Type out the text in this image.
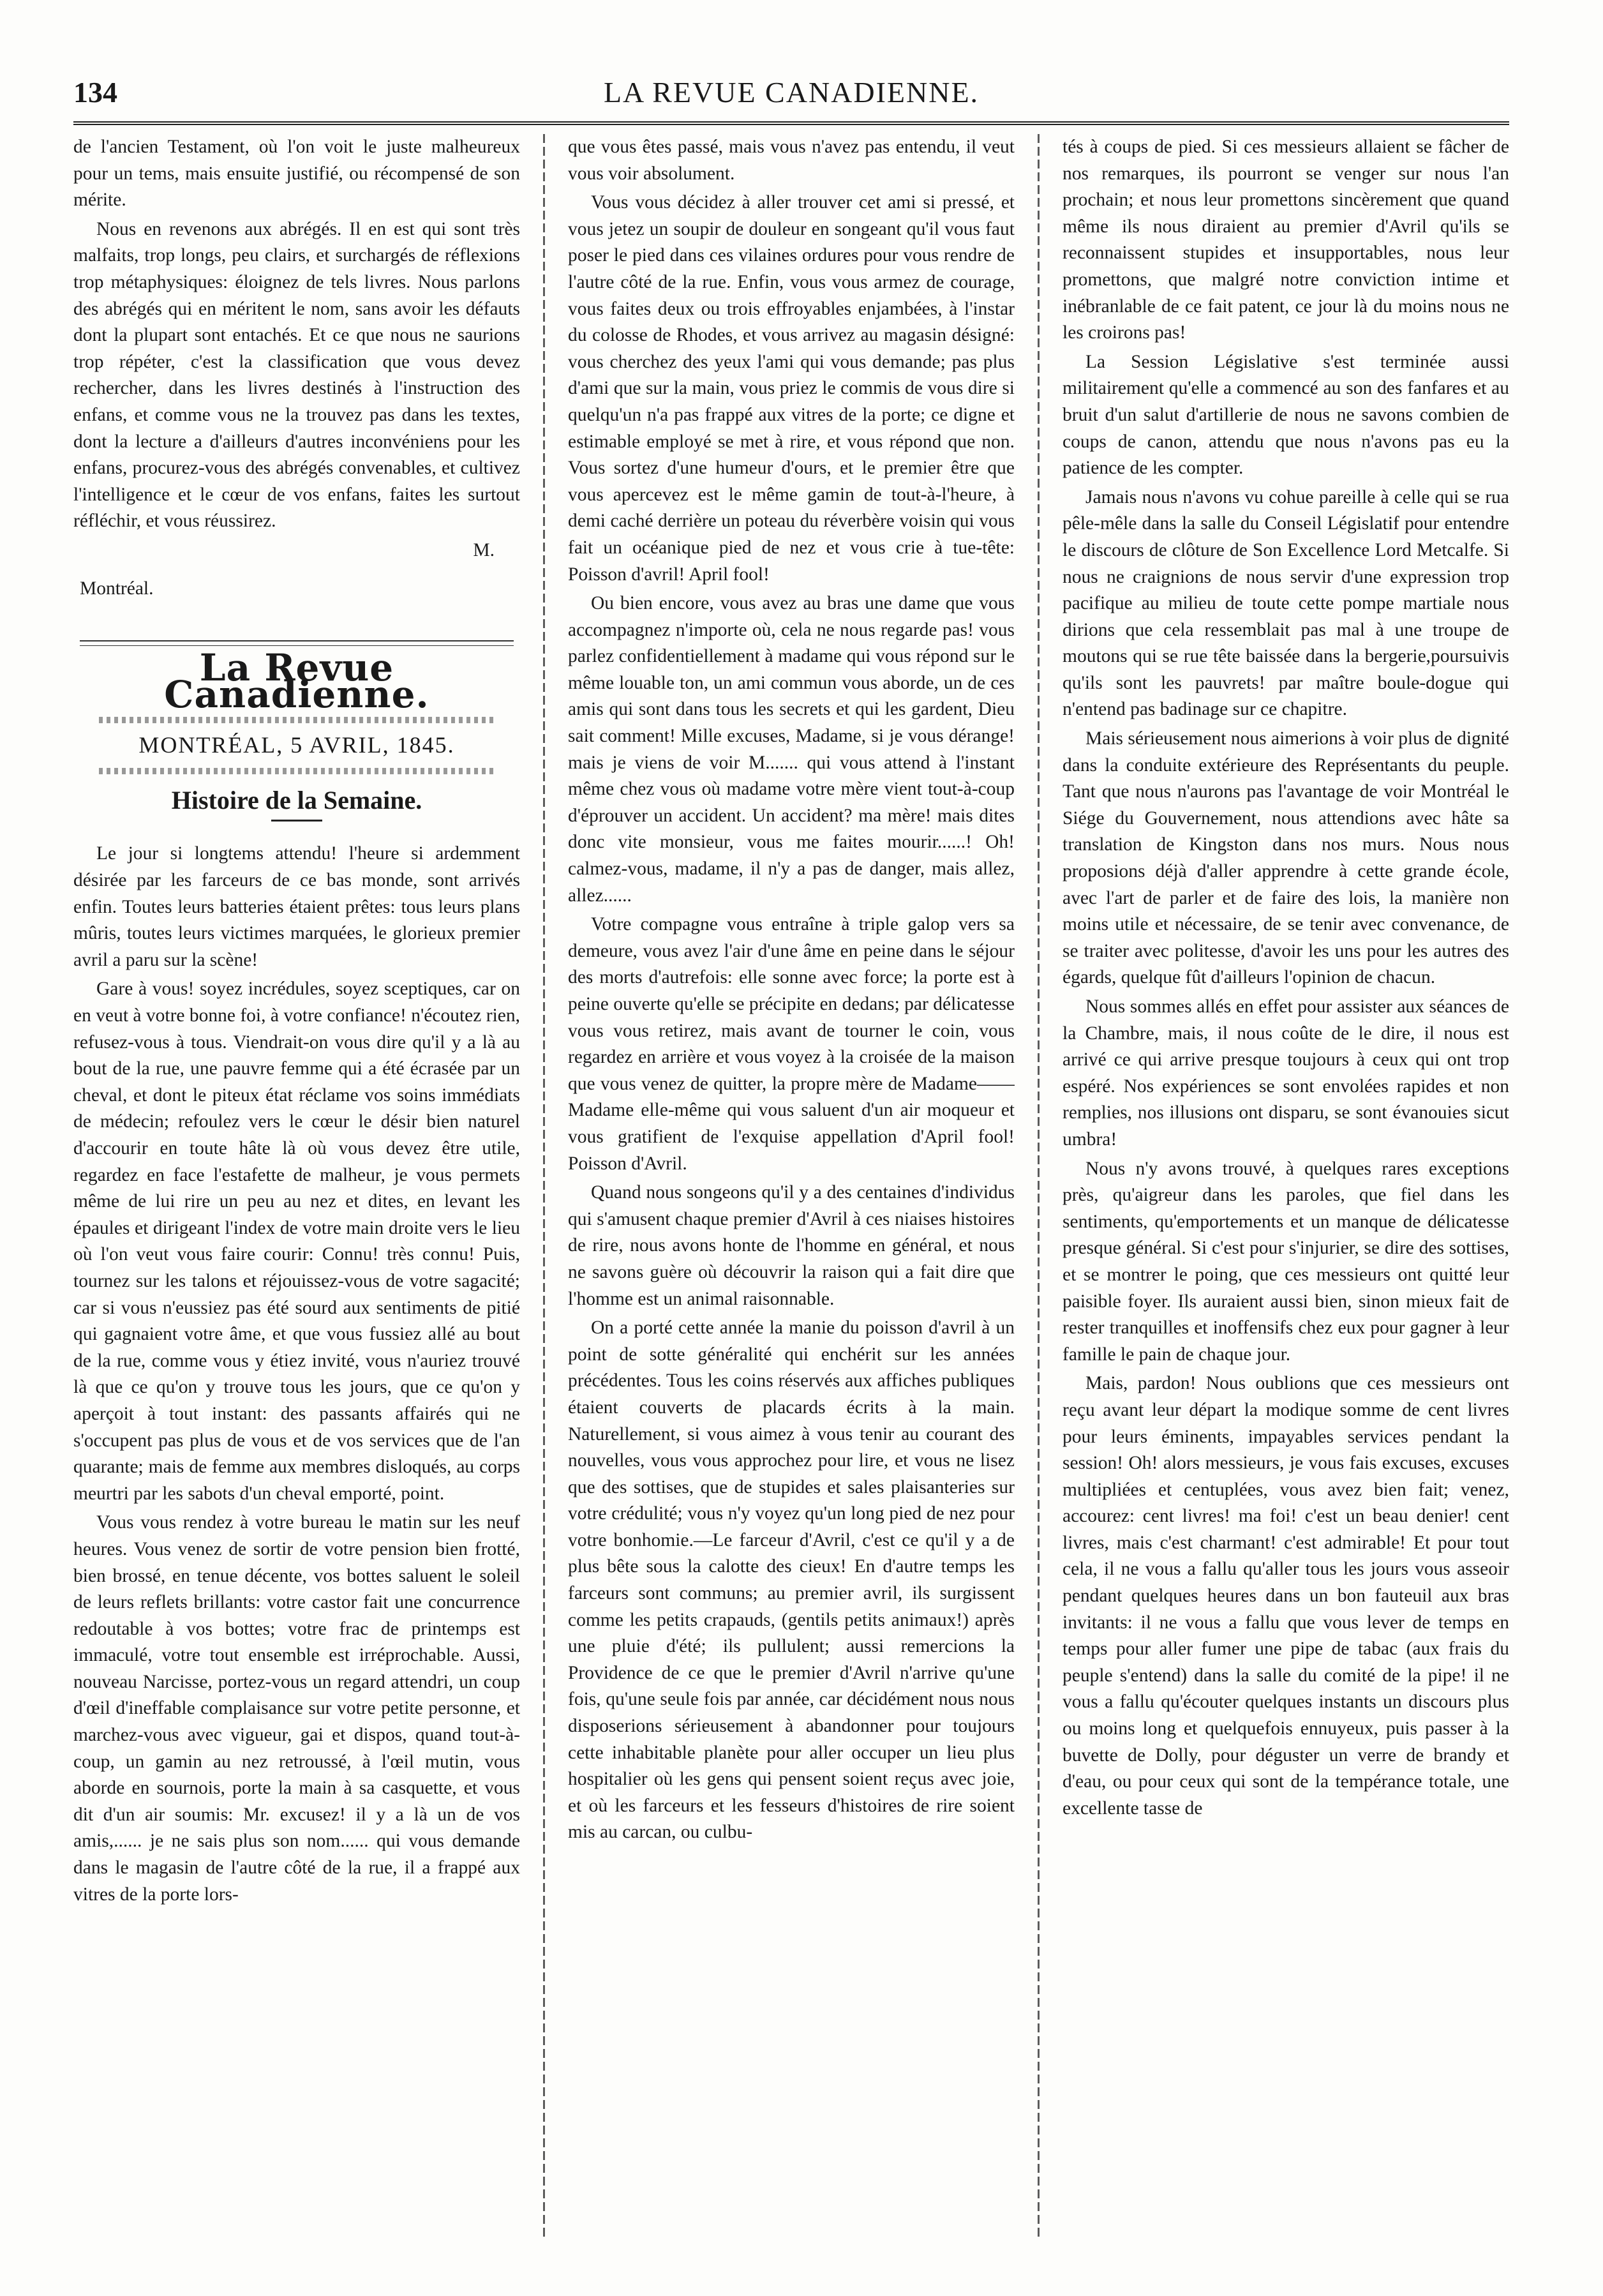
134	LA REVUE CANADIENNE.

de l'ancien Testament, où l'on voit le juste malheureux pour un tems, mais ensuite justifié, ou récompensé de son mérite.

Nous en revenons aux abrégés. Il en est qui sont très malfaits, trop longs, peu clairs, et surchargés de réflexions trop métaphysiques: éloignez de tels livres. Nous parlons des abrégés qui en méritent le nom, sans avoir les défauts dont la plupart sont entachés. Et ce que nous ne saurions trop répéter, c'est la classification que vous devez rechercher, dans les livres destinés à l'instruction des enfans, et comme vous ne la trouvez pas dans les textes, dont la lecture a d'ailleurs d'autres inconvéniens pour les enfans, procurez-vous des abrégés convenables, et cultivez l'intelligence et le cœur de vos enfans, faites les surtout réfléchir, et vous réussirez.

M.
Montréal.
La Revue Canadienne.
MONTRÉAL, 5 AVRIL, 1845.
Histoire de la Semaine.

Le jour si longtems attendu! l'heure si ardemment désirée par les farceurs de ce bas monde, sont arrivés enfin. Toutes leurs batteries étaient prêtes: tous leurs plans mûris, toutes leurs victimes marquées, le glorieux premier avril a paru sur la scène!

Gare à vous! soyez incrédules, soyez sceptiques, car on en veut à votre bonne foi, à votre confiance! n'écoutez rien, refusez-vous à tous. Viendrait-on vous dire qu'il y a là au bout de la rue, une pauvre femme qui a été écrasée par un cheval, et dont le piteux état réclame vos soins immédiats de médecin; refoulez vers le cœur le désir bien naturel d'accourir en toute hâte là où vous devez être utile, regardez en face l'estafette de malheur, je vous permets même de lui rire un peu au nez et dites, en levant les épaules et dirigeant l'index de votre main droite vers le lieu où l'on veut vous faire courir: Connu! très connu! Puis, tournez sur les talons et réjouissez-vous de votre sagacité; car si vous n'eussiez pas été sourd aux sentiments de pitié qui gagnaient votre âme, et que vous fussiez allé au bout de la rue, comme vous y étiez invité, vous n'auriez trouvé là que ce qu'on y trouve tous les jours, que ce qu'on y aperçoit à tout instant: des passants affairés qui ne s'occupent pas plus de vous et de vos services que de l'an quarante; mais de femme aux membres disloqués, au corps meurtri par les sabots d'un cheval emporté, point.

Vous vous rendez à votre bureau le matin sur les neuf heures. Vous venez de sortir de votre pension bien frotté, bien brossé, en tenue décente, vos bottes saluent le soleil de leurs reflets brillants: votre castor fait une concurrence redoutable à vos bottes; votre frac de printemps est immaculé, votre tout ensemble est irréprochable. Aussi, nouveau Narcisse, portez-vous un regard attendri, un coup d'œil d'ineffable complaisance sur votre petite personne, et marchez-vous avec vigueur, gai et dispos, quand tout-à-coup, un gamin au nez retroussé, à l'œil mutin, vous aborde en sournois, porte la main à sa casquette, et vous dit d'un air soumis: Mr. excusez! il y a là un de vos amis,...... je ne sais plus son nom...... qui vous demande dans le magasin de l'autre côté de la rue, il a frappé aux vitres de la porte lors-

que vous êtes passé, mais vous n'avez pas entendu, il veut vous voir absolument.

Vous vous décidez à aller trouver cet ami si pressé, et vous jetez un soupir de douleur en songeant qu'il vous faut poser le pied dans ces vilaines ordures pour vous rendre de l'autre côté de la rue. Enfin, vous vous armez de courage, vous faites deux ou trois effroyables enjambées, à l'instar du colosse de Rhodes, et vous arrivez au magasin désigné: vous cherchez des yeux l'ami qui vous demande; pas plus d'ami que sur la main, vous priez le commis de vous dire si quelqu'un n'a pas frappé aux vitres de la porte; ce digne et estimable employé se met à rire, et vous répond que non. Vous sortez d'une humeur d'ours, et le premier être que vous apercevez est le même gamin de tout-à-l'heure, à demi caché derrière un poteau du réverbère voisin qui vous fait un océanique pied de nez et vous crie à tue-tête: Poisson d'avril! April fool!

Ou bien encore, vous avez au bras une dame que vous accompagnez n'importe où, cela ne nous regarde pas! vous parlez confidentiellement à madame qui vous répond sur le même louable ton, un ami commun vous aborde, un de ces amis qui sont dans tous les secrets et qui les gardent, Dieu sait comment! Mille excuses, Madame, si je vous dérange! mais je viens de voir M....... qui vous attend à l'instant même chez vous où madame votre mère vient tout-à-coup d'éprouver un accident. Un accident? ma mère! mais dites donc vite monsieur, vous me faites mourir......! Oh! calmez-vous, madame, il n'y a pas de danger, mais allez, allez......

Votre compagne vous entraîne à triple galop vers sa demeure, vous avez l'air d'une âme en peine dans le séjour des morts d'autrefois: elle sonne avec force; la porte est à peine ouverte qu'elle se précipite en dedans; par délicatesse vous vous retirez, mais avant de tourner le coin, vous regardez en arrière et vous voyez à la croisée de la maison que vous venez de quitter, la propre mère de Madame——Madame elle-même qui vous saluent d'un air moqueur et vous gratifient de l'exquise appellation d'April fool! Poisson d'Avril.

Quand nous songeons qu'il y a des centaines d'individus qui s'amusent chaque premier d'Avril à ces niaises histoires de rire, nous avons honte de l'homme en général, et nous ne savons guère où découvrir la raison qui a fait dire que l'homme est un animal raisonnable.

On a porté cette année la manie du poisson d'avril à un point de sotte généralité qui enchérit sur les années précédentes. Tous les coins réservés aux affiches publiques étaient couverts de placards écrits à la main. Naturellement, si vous aimez à vous tenir au courant des nouvelles, vous vous approchez pour lire, et vous ne lisez que des sottises, que de stupides et sales plaisanteries sur votre crédulité; vous n'y voyez qu'un long pied de nez pour votre bonhomie.—Le farceur d'Avril, c'est ce qu'il y a de plus bête sous la calotte des cieux! En d'autre temps les farceurs sont communs; au premier avril, ils surgissent comme les petits crapauds, (gentils petits animaux!) après une pluie d'été; ils pullulent; aussi remercions la Providence de ce que le premier d'Avril n'arrive qu'une fois, qu'une seule fois par année, car décidément nous nous disposerions sérieusement à abandonner pour toujours cette inhabitable planète pour aller occuper un lieu plus hospitalier où les gens qui pensent soient reçus avec joie, et où les farceurs et les fesseurs d'histoires de rire soient mis au carcan, ou culbu-

tés à coups de pied. Si ces messieurs allaient se fâcher de nos remarques, ils pourront se venger sur nous l'an prochain; et nous leur promettons sincèrement que quand même ils nous diraient au premier d'Avril qu'ils se reconnaissent stupides et insupportables, nous leur promettons, que malgré notre conviction intime et inébranlable de ce fait patent, ce jour là du moins nous ne les croirons pas!

La Session Législative s'est terminée aussi militairement qu'elle a commencé au son des fanfares et au bruit d'un salut d'artillerie de nous ne savons combien de coups de canon, attendu que nous n'avons pas eu la patience de les compter.

Jamais nous n'avons vu cohue pareille à celle qui se rua pêle-mêle dans la salle du Conseil Législatif pour entendre le discours de clôture de Son Excellence Lord Metcalfe. Si nous ne craignions de nous servir d'une expression trop pacifique au milieu de toute cette pompe martiale nous dirions que cela ressemblait pas mal à une troupe de moutons qui se rue tête baissée dans la bergerie,poursuivis qu'ils sont les pauvrets! par maître boule-dogue qui n'entend pas badinage sur ce chapitre.

Mais sérieusement nous aimerions à voir plus de dignité dans la conduite extérieure des Représentants du peuple. Tant que nous n'aurons pas l'avantage de voir Montréal le Siége du Gouvernement, nous attendions avec hâte sa translation de Kingston dans nos murs. Nous nous proposions déjà d'aller apprendre à cette grande école, avec l'art de parler et de faire des lois, la manière non moins utile et nécessaire, de se tenir avec convenance, de se traiter avec politesse, d'avoir les uns pour les autres des égards, quelque fût d'ailleurs l'opinion de chacun.

Nous sommes allés en effet pour assister aux séances de la Chambre, mais, il nous coûte de le dire, il nous est arrivé ce qui arrive presque toujours à ceux qui ont trop espéré. Nos expériences se sont envolées rapides et non remplies, nos illusions ont disparu, se sont évanouies sicut umbra!

Nous n'y avons trouvé, à quelques rares exceptions près, qu'aigreur dans les paroles, que fiel dans les sentiments, qu'emportements et un manque de délicatesse presque général. Si c'est pour s'injurier, se dire des sottises, et se montrer le poing, que ces messieurs ont quitté leur paisible foyer. Ils auraient aussi bien, sinon mieux fait de rester tranquilles et inoffensifs chez eux pour gagner à leur famille le pain de chaque jour.

Mais, pardon! Nous oublions que ces messieurs ont reçu avant leur départ la modique somme de cent livres pour leurs éminents, impayables services pendant la session! Oh! alors messieurs, je vous fais excuses, excuses multipliées et centuplées, vous avez bien fait; venez, accourez: cent livres! ma foi! c'est un beau denier! cent livres, mais c'est charmant! c'est admirable! Et pour tout cela, il ne vous a fallu qu'aller tous les jours vous asseoir pendant quelques heures dans un bon fauteuil aux bras invitants: il ne vous a fallu que vous lever de temps en temps pour aller fumer une pipe de tabac (aux frais du peuple s'entend) dans la salle du comité de la pipe! il ne vous a fallu qu'écouter quelques instants un discours plus ou moins long et quelquefois ennuyeux, puis passer à la buvette de Dolly, pour déguster un verre de brandy et d'eau, ou pour ceux qui sont de la tempérance totale, une excellente tasse de
